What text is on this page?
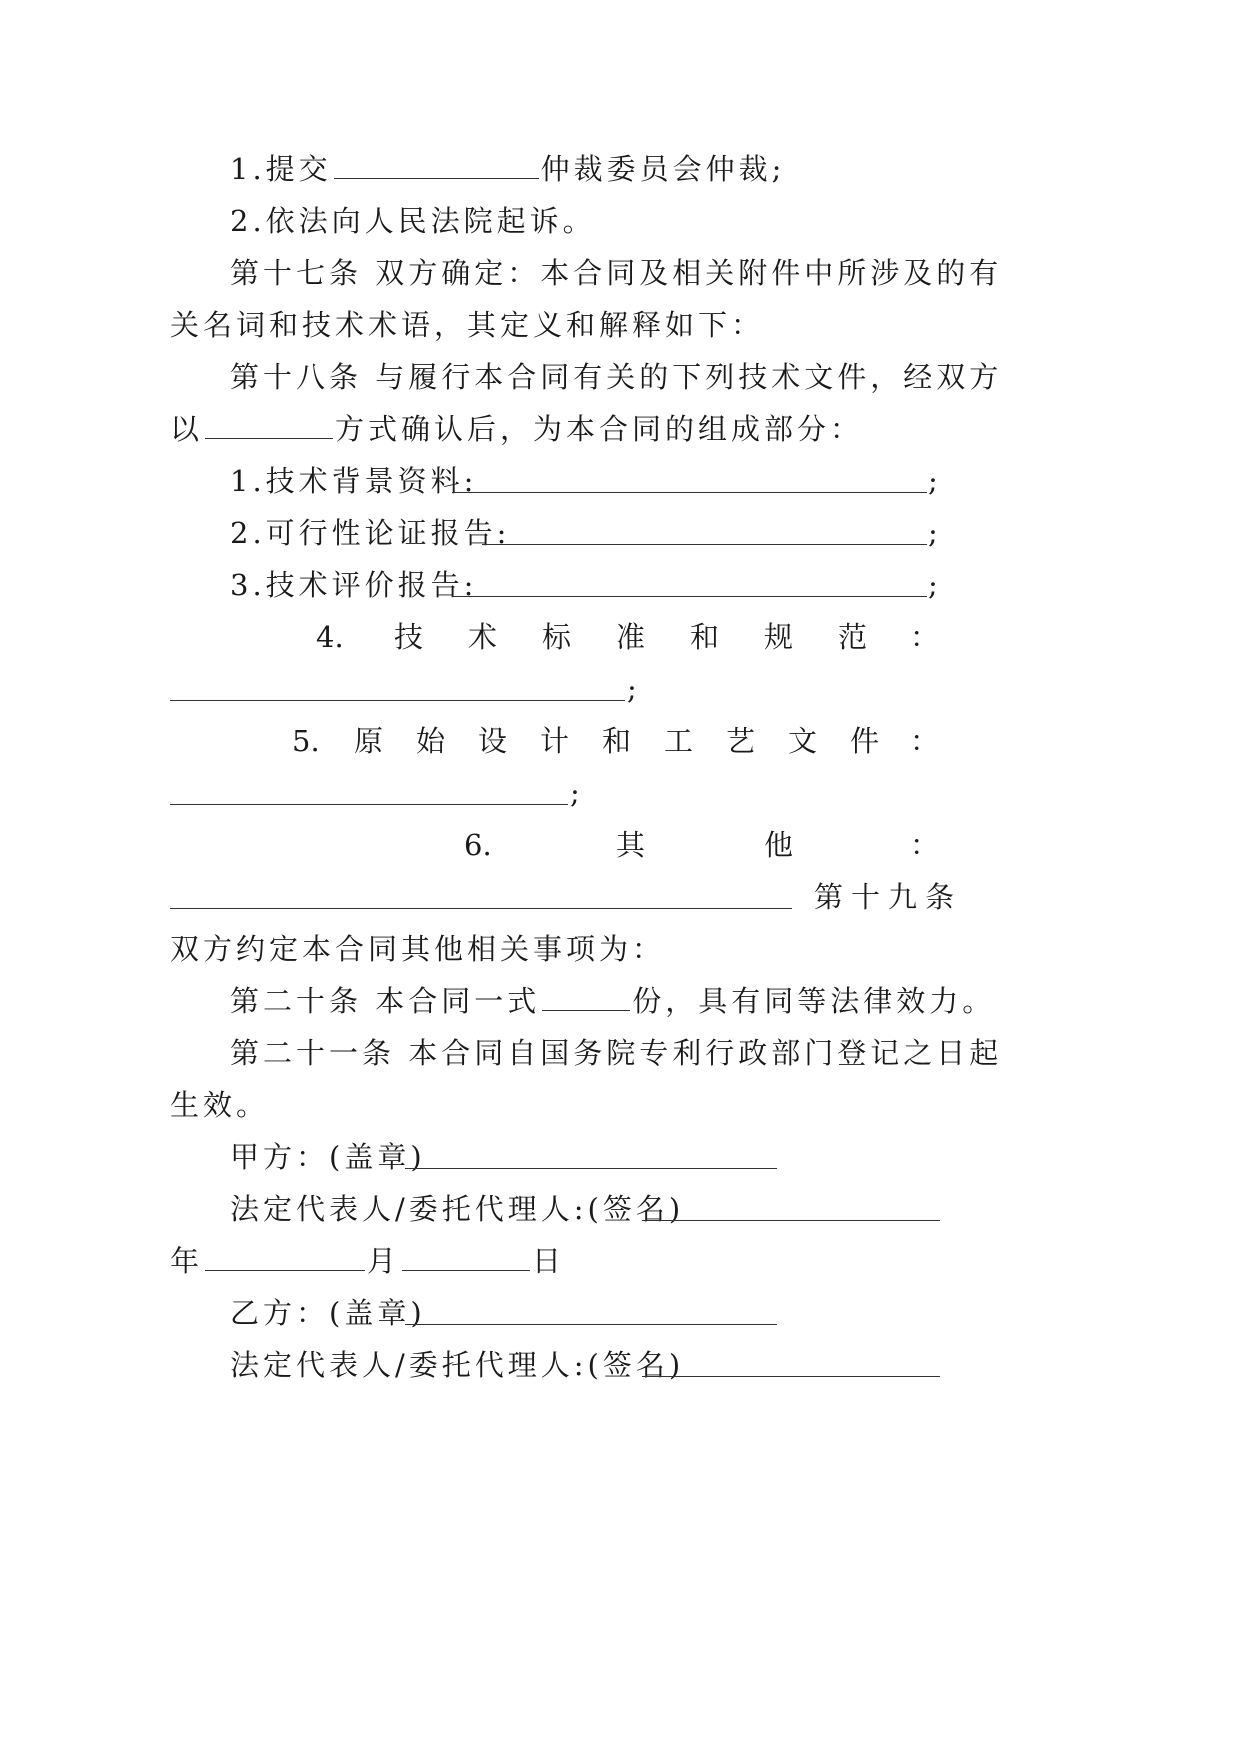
1.提交	仲裁委员会仲裁;
2.依法向人民法院起诉。
第十七条 双方确定：本合同及相关附件中所涉及的有
关名词和技术术语，其定义和解释如下：
第十八条 与履行本合同有关的下列技术文件，经双方
以	方式确认后，为本合同的组成部分：
1.技术背景资料:	;
2.可行性论证报告:	;
3.技术评价报告:	;
4. 技 术 标 准 和 规 范 ：
;
5. 原 始 设 计 和 工 艺 文 件 ：
;
6.	其	他	：
第十九条
双方约定本合同其他相关事项为：
第二十条 本合同一式	份，具有同等法律效力。
第二十一条 本合同自国务院专利行政部门登记之日起
生效。
甲方：(盖章)
法定代表人/委托代理人:(签名)
年	月	日
乙方：(盖章)
法定代表人/委托代理人:(签名)
